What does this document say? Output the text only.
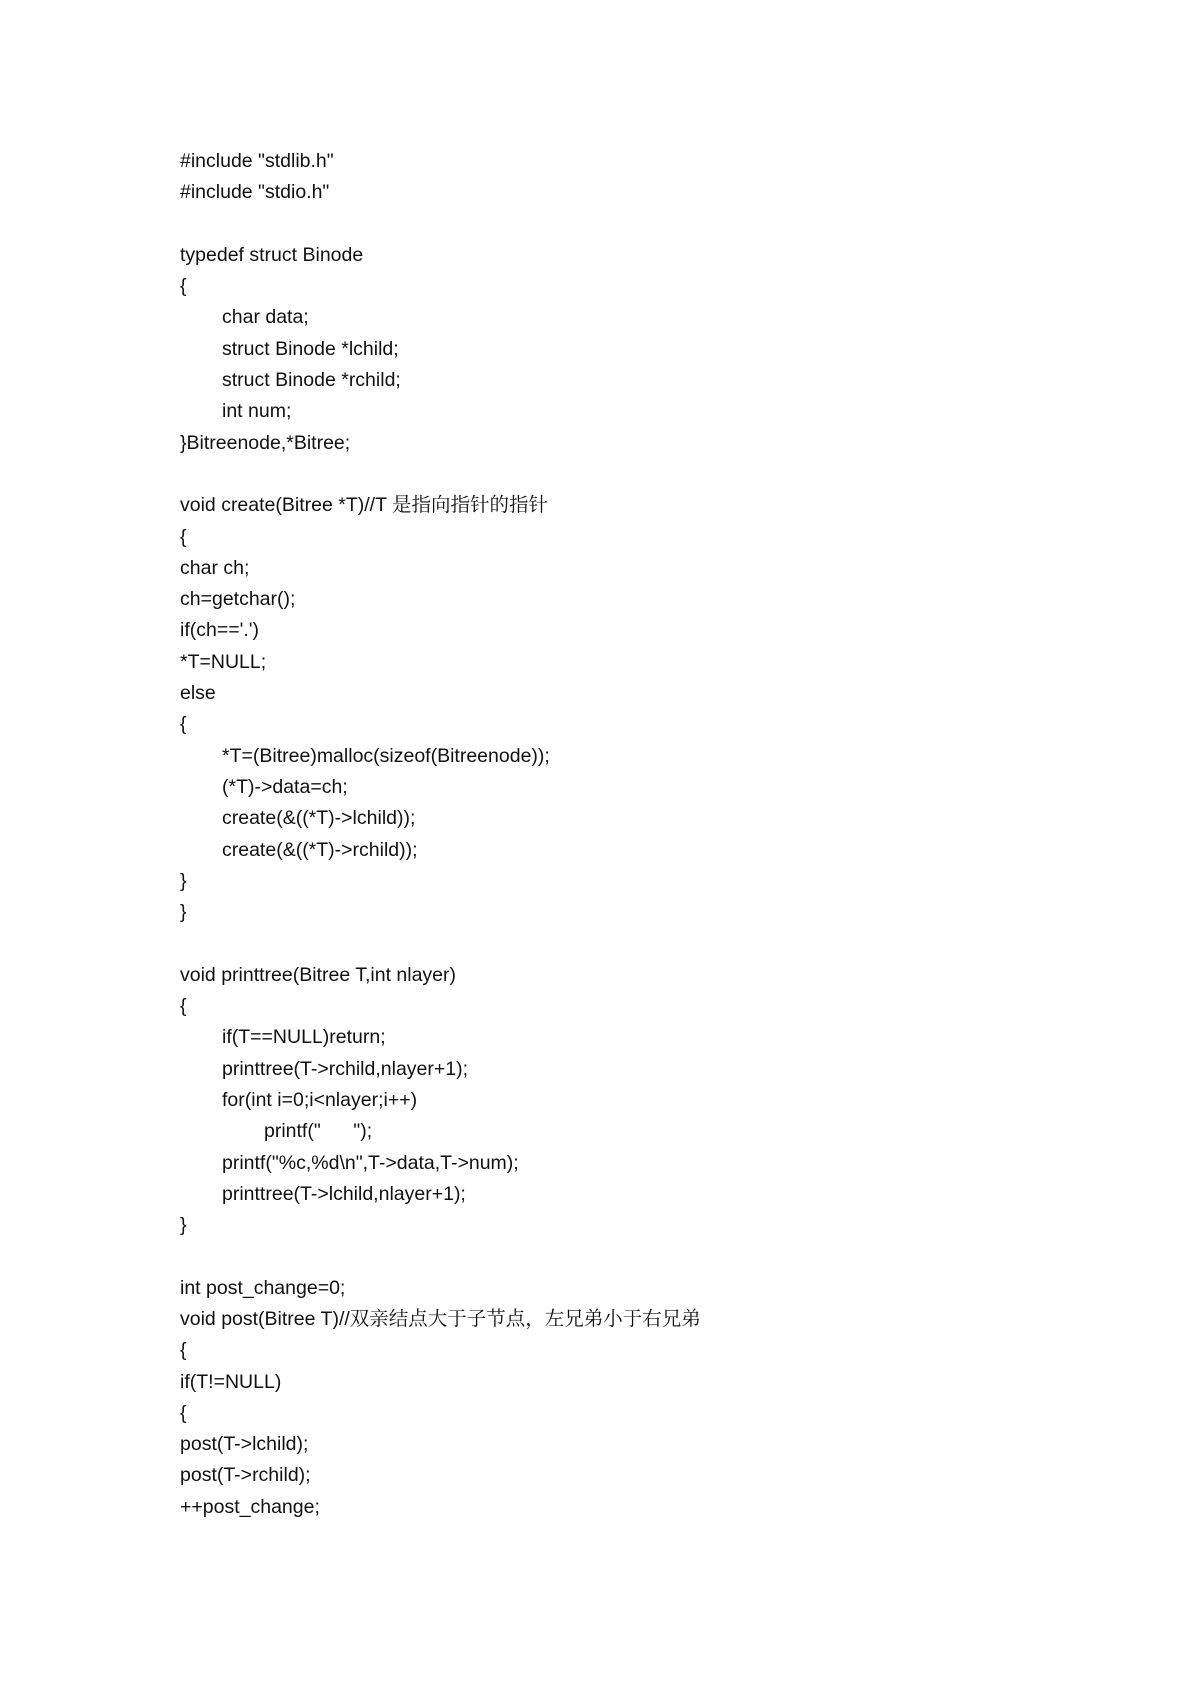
#include "stdlib.h"
#include "stdio.h"
typedef struct Binode
{
char data;
struct Binode *lchild;
struct Binode *rchild;
int num;
}Bitreenode,*Bitree;
void create(Bitree *T)//T 是指向指针的指针
{
char ch;
ch=getchar();
if(ch=='.')
*T=NULL;
else
{
*T=(Bitree)malloc(sizeof(Bitreenode));
(*T)->data=ch;
create(&((*T)->lchild));
create(&((*T)->rchild));
}
}
void printtree(Bitree T,int nlayer)
{
if(T==NULL)return;
printtree(T->rchild,nlayer+1);
for(int i=0;i<nlayer;i++)
printf("      ");
printf("%c,%d\n",T->data,T->num);
printtree(T->lchild,nlayer+1);
}
int post_change=0;
void post(Bitree T)//双亲结点大于子节点，左兄弟小于右兄弟
{
if(T!=NULL)
{
post(T->lchild);
post(T->rchild);
++post_change;
